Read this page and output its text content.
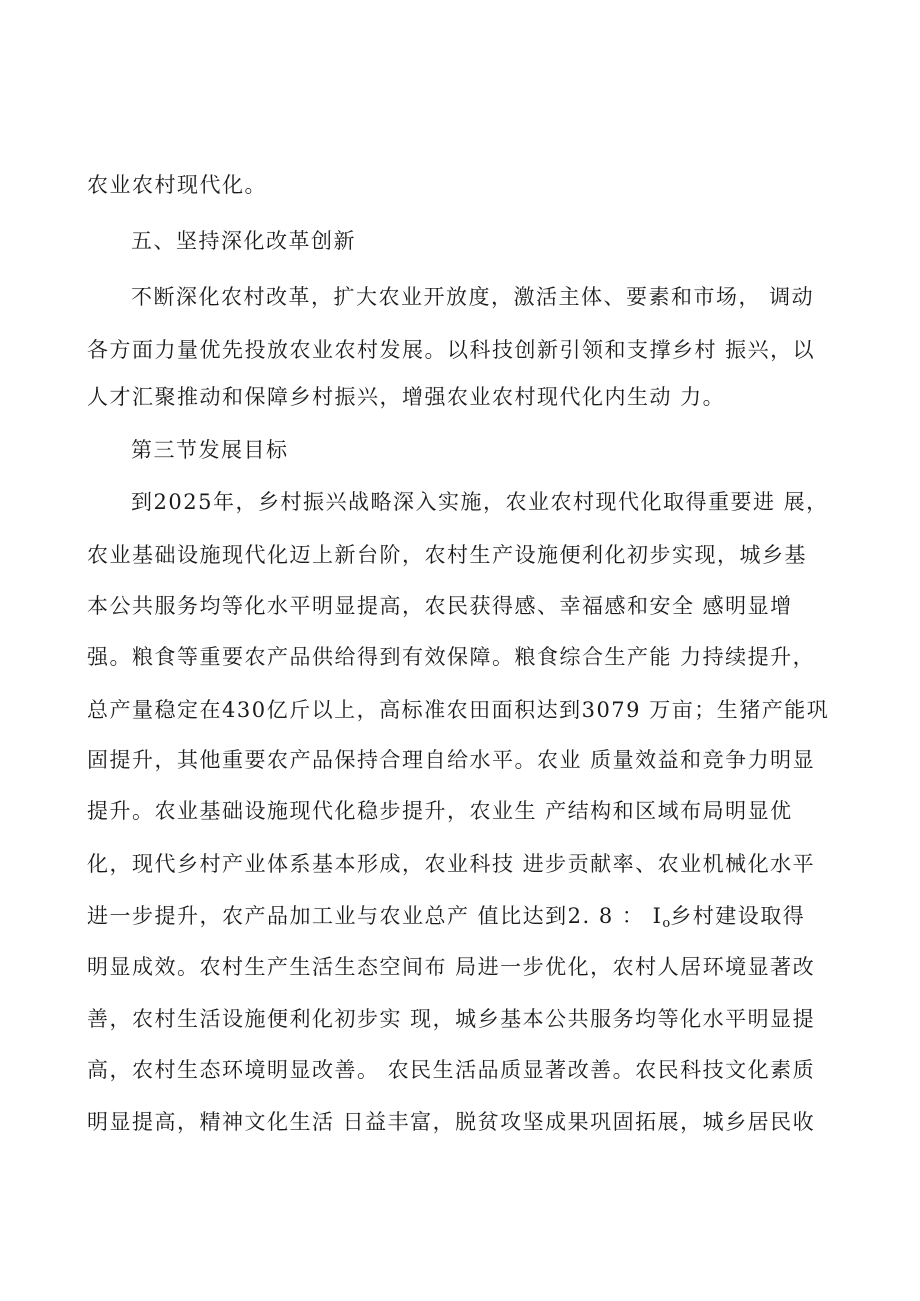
农业农村现代化。
五、坚持深化改革创新
不断深化农村改革，扩大农业开放度，激活主体、要素和市场， 调动
各方面力量优先投放农业农村发展。以科技创新引领和支撑乡村 振兴，以
人才汇聚推动和保障乡村振兴，增强农业农村现代化内生动 力。
第三节发展目标
到2025年，乡村振兴战略深入实施，农业农村现代化取得重要进 展，
农业基础设施现代化迈上新台阶，农村生产设施便利化初步实现，城乡基
本公共服务均等化水平明显提高，农民获得感、幸福感和安全 感明显增
强。粮食等重要农产品供给得到有效保障。粮食综合生产能 力持续提升，
总产量稳定在430亿斤以上，高标准农田面积达到3079 万亩；生猪产能巩
固提升，其他重要农产品保持合理自给水平。农业 质量效益和竞争力明显
提升。农业基础设施现代化稳步提升，农业生 产结构和区域布局明显优
化，现代乡村产业体系基本形成，农业科技 进步贡献率、农业机械化水平
进一步提升，农产品加工业与农业总产 值比达到2. 8 ： $I_o$乡村建设取得
明显成效。农村生产生活生态空间布 局进一步优化，农村人居环境显著改
善，农村生活设施便利化初步实 现，城乡基本公共服务均等化水平明显提
高，农村生态环境明显改善。 农民生活品质显著改善。农民科技文化素质
明显提高，精神文化生活 日益丰富，脱贫攻坚成果巩固拓展，城乡居民收
